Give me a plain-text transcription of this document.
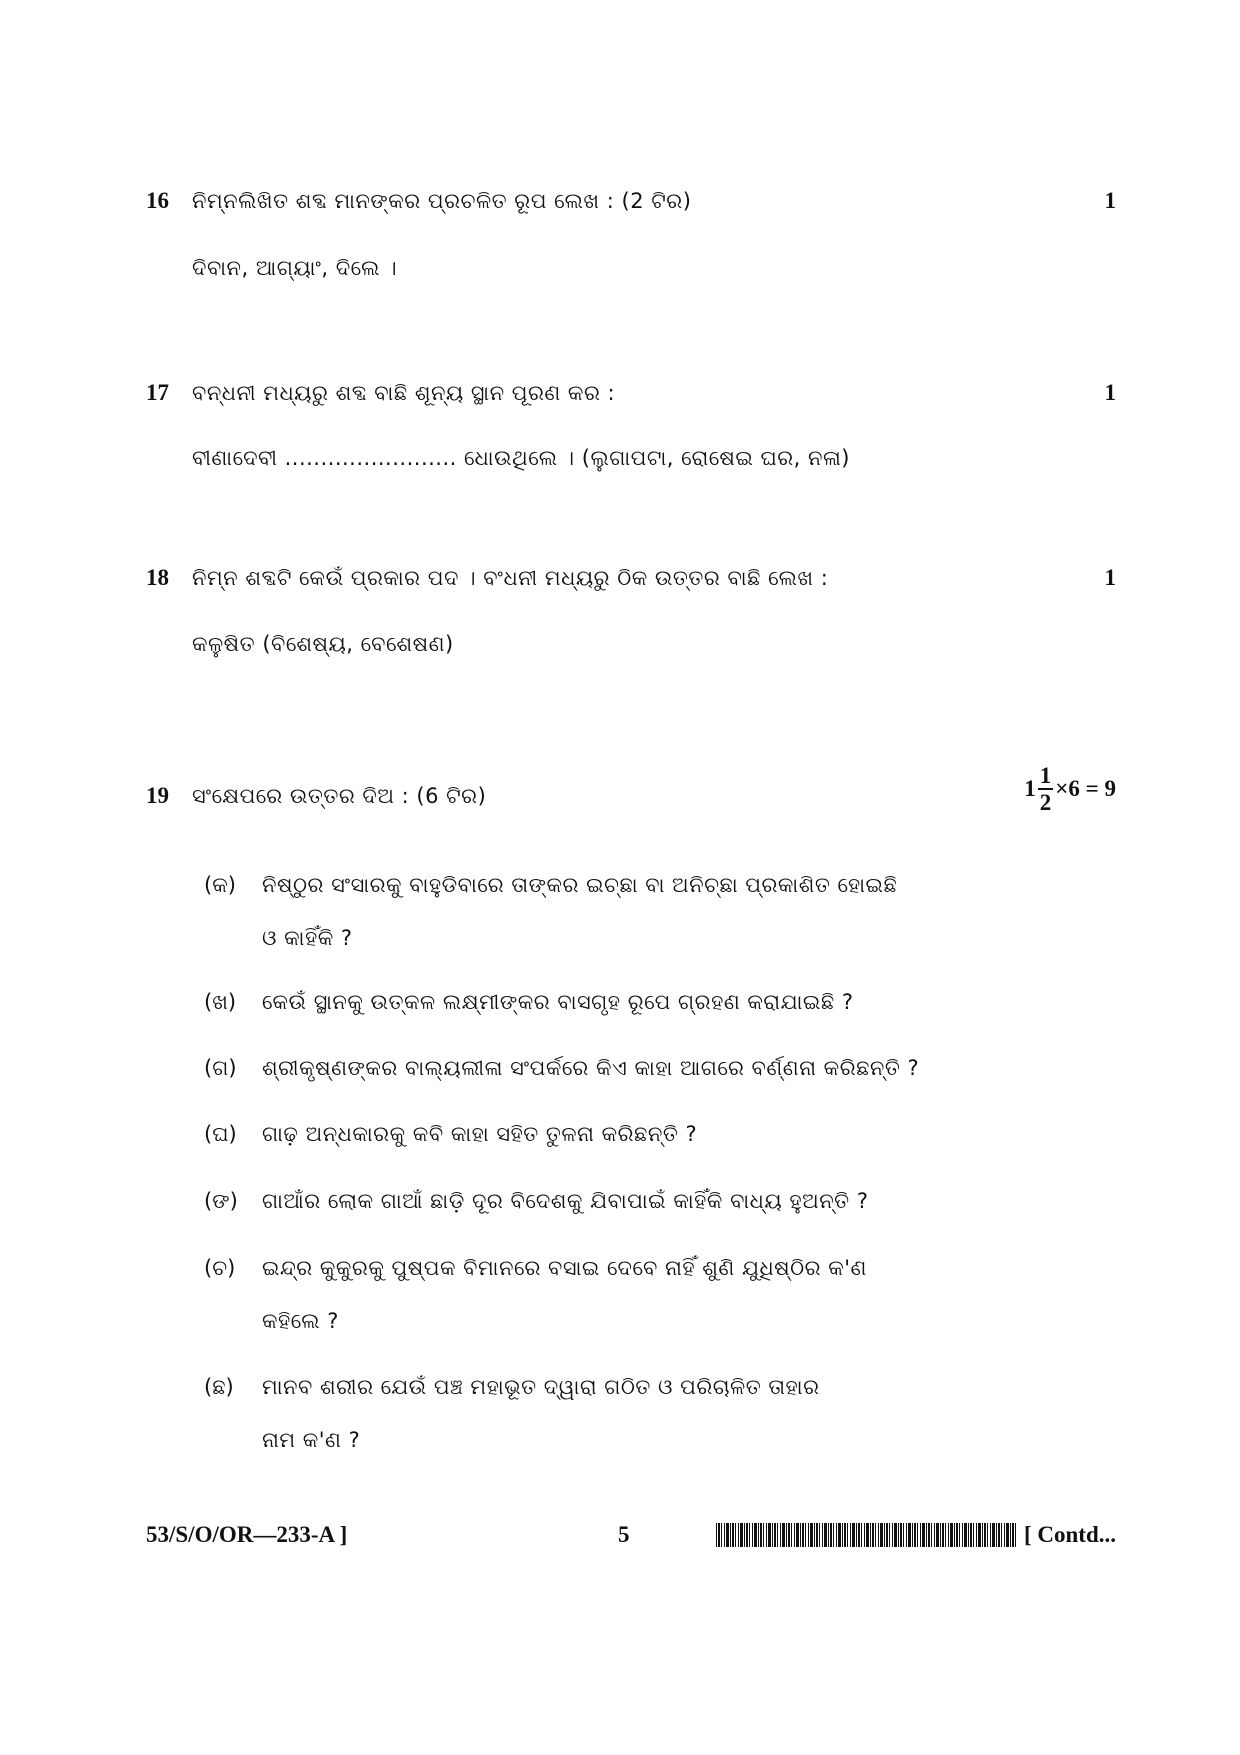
16 ନିମ୍ନଲିଖିତ ଶବ୍ଦ ମାନଙ୍କର ପ୍ରଚଳିତ ରୂପ ଲେଖ : (2 ଟିର)	1
ଦିବାନ, ଆଗ୍ୟାଂ, ଦିଲେ ।
17 ବନ୍ଧନୀ ମଧ୍ୟରୁ ଶବ୍ଦ ବାଛି ଶୂନ୍ୟ ସ୍ଥାନ ପୂରଣ କର :	1
ବୀଣାଦେବୀ ........................ ଧୋଉଥିଲେ । (ଲୁଗାପଟା, ରୋଷେଇ ଘର, ନଳା)
18 ନିମ୍ନ ଶବ୍ଦଟି କେଉଁ ପ୍ରକାର ପଦ । ବଂଧନୀ ମଧ୍ୟରୁ ଠିକ ଉତ୍ତର ବାଛି ଲେଖ :	1
କଳୁଷିତ (ବିଶେଷ୍ୟ, ବେଶେଷଣ)
19 ସଂକ୍ଷେପରେ ଉତ୍ତର ଦିଅ : (6 ଟିର)	$1 \frac{1}{2} \times 6 = 9$
(କ) ନିଷ୍ଠୁର ସଂସାରକୁ ବାହୁଡିବାରେ ତାଙ୍କର ଇଚ୍ଛା ବା ଅନିଚ୍ଛା ପ୍ରକାଶିତ ହୋଇଛି
ଓ କାହିଁକି ?
(ଖ) କେଉଁ ସ୍ଥାନକୁ ଉତ୍କଳ ଲକ୍ଷ୍ମୀଙ୍କର ବାସଗୃହ ରୂପେ ଗ୍ରହଣ କରାଯାଇଛି ?
(ଗ) ଶ୍ରୀକୃଷ୍ଣଙ୍କର ବାଲ୍ୟଲୀଳା ସଂପର୍କରେ କିଏ କାହା ଆଗରେ ବର୍ଣ୍ଣନା କରିଛନ୍ତି ?
(ଘ) ଗାଢ଼ ଅନ୍ଧକାରକୁ କବି କାହା ସହିତ ତୁଳନା କରିଛନ୍ତି ?
(ଙ) ଗାଆଁର ଲୋକ ଗାଆଁ ଛାଡ଼ି ଦୂର ବିଦେଶକୁ ଯିବାପାଇଁ କାହିଁକି ବାଧ୍ୟ ହୁଅନ୍ତି ?
(ଚ) ଇନ୍ଦ୍ର କୁକୁରକୁ ପୁଷ୍ପକ ବିମାନରେ ବସାଇ ଦେବେ ନାହିଁ ଶୁଣି ଯୁଧିଷ୍ଠିର କ'ଣ
କହିଲେ ?
(ଛ) ମାନବ ଶରୀର ଯେଉଁ ପଞ୍ଚ ମହାଭୂତ ଦ୍ୱାରା ଗଠିତ ଓ ପରିଚାଳିତ ତାହାର
ନାମ କ'ଣ ?
53/S/O/OR—233-A ]	5	[ Contd...
